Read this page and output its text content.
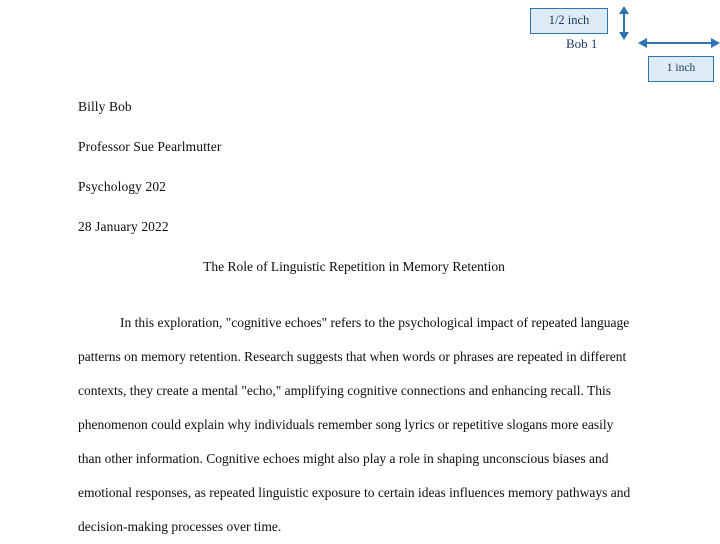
Bob 1
Billy Bob
Professor Sue Pearlmutter
Psychology 202
28 January 2022
The Role of Linguistic Repetition in Memory Retention
In this exploration, "cognitive echoes" refers to the psychological impact of repeated language patterns on memory retention. Research suggests that when words or phrases are repeated in different contexts, they create a mental "echo," amplifying cognitive connections and enhancing recall. This phenomenon could explain why individuals remember song lyrics or repetitive slogans more easily than other information. Cognitive echoes might also play a role in shaping unconscious biases and emotional responses, as repeated linguistic exposure to certain ideas influences memory pathways and decision-making processes over time.
1/2 inch
1 inch
